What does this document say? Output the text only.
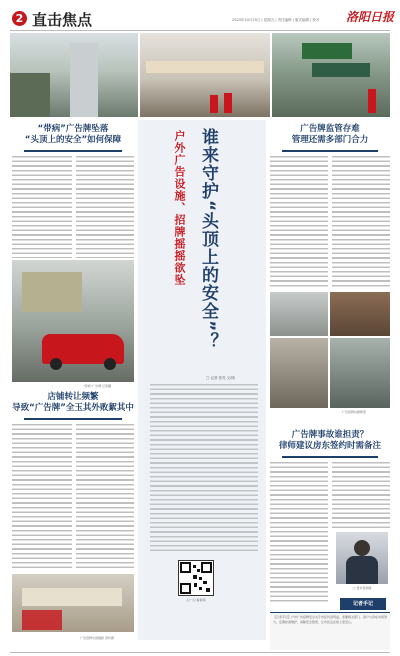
2 直击焦点	2024年10月25日 | 星期五 | 责任编辑 | 版式编辑 | 校对	洛阳日报
“带病”广告牌坠落
“头顶上的安全”如何保障
“带病”广告牌 记者摄
店铺转让频繁
导致“广告牌”全玉其外败絮其中
广告招牌出现破损 资料图
谁来守护“头顶上的安全”？
户外广告设施、招牌摇摇欲坠
□ 记者 张亮 文/图
扫一扫 看视频
广告牌监管存难
管理还需多部门合力
广告招牌边框断裂
广告牌事故谁担责？
律师建议房东签约时需备注
□ 受访者供图
记者手记
【记者手记】户外广告招牌安全关乎市民切身利益，需要相关部门、商户与房东共同努力，定期检查维护，消除安全隐患，让市民走在街上更安心。
